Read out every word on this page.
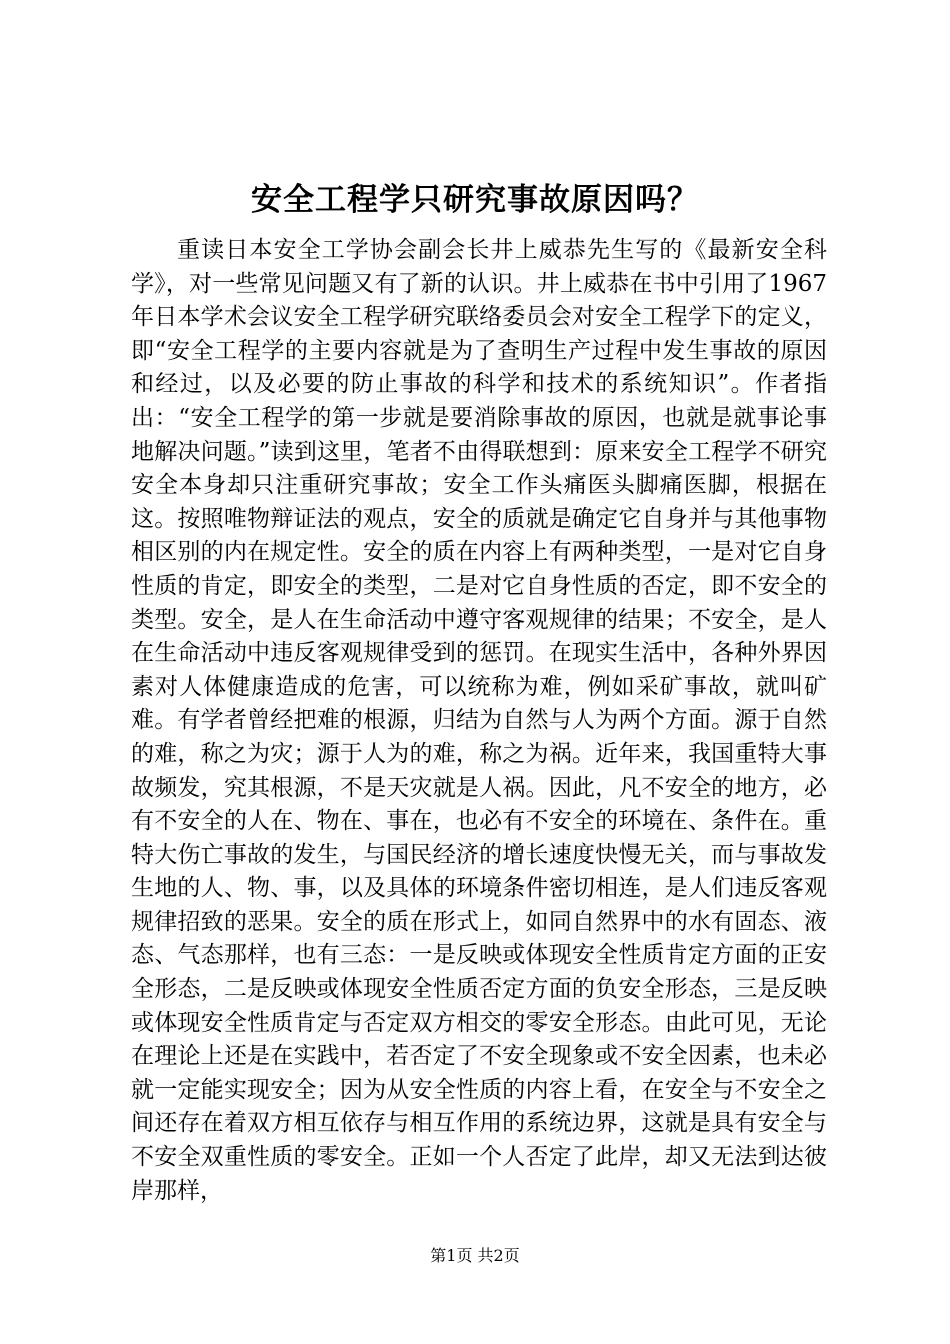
安全工程学只研究事故原因吗？

重读日本安全工学协会副会长井上威恭先生写的《最新安全科学》，对一些常见问题又有了新的认识。井上威恭在书中引用了1967年日本学术会议安全工程学研究联络委员会对安全工程学下的定义，即“安全工程学的主要内容就是为了查明生产过程中发生事故的原因和经过，以及必要的防止事故的科学和技术的系统知识”。作者指出：“安全工程学的第一步就是要消除事故的原因，也就是就事论事地解决问题。”读到这里，笔者不由得联想到：原来安全工程学不研究安全本身却只注重研究事故；安全工作头痛医头脚痛医脚，根据在这。按照唯物辩证法的观点，安全的质就是确定它自身并与其他事物相区别的内在规定性。安全的质在内容上有两种类型，一是对它自身性质的肯定，即安全的类型，二是对它自身性质的否定，即不安全的类型。安全，是人在生命活动中遵守客观规律的结果；不安全，是人在生命活动中违反客观规律受到的惩罚。在现实生活中，各种外界因素对人体健康造成的危害，可以统称为难，例如采矿事故，就叫矿难。有学者曾经把难的根源，归结为自然与人为两个方面。源于自然的难，称之为灾；源于人为的难，称之为祸。近年来，我国重特大事故频发，究其根源，不是天灾就是人祸。因此，凡不安全的地方，必有不安全的人在、物在、事在，也必有不安全的环境在、条件在。重特大伤亡事故的发生，与国民经济的增长速度快慢无关，而与事故发生地的人、物、事，以及具体的环境条件密切相连，是人们违反客观规律招致的恶果。安全的质在形式上，如同自然界中的水有固态、液态、气态那样，也有三态：一是反映或体现安全性质肯定方面的正安全形态，二是反映或体现安全性质否定方面的负安全形态，三是反映或体现安全性质肯定与否定双方相交的零安全形态。由此可见，无论在理论上还是在实践中，若否定了不安全现象或不安全因素，也未必就一定能实现安全；因为从安全性质的内容上看，在安全与不安全之间还存在着双方相互依存与相互作用的系统边界，这就是具有安全与不安全双重性质的零安全。正如一个人否定了此岸，却又无法到达彼岸那样，

第1页 共2页
